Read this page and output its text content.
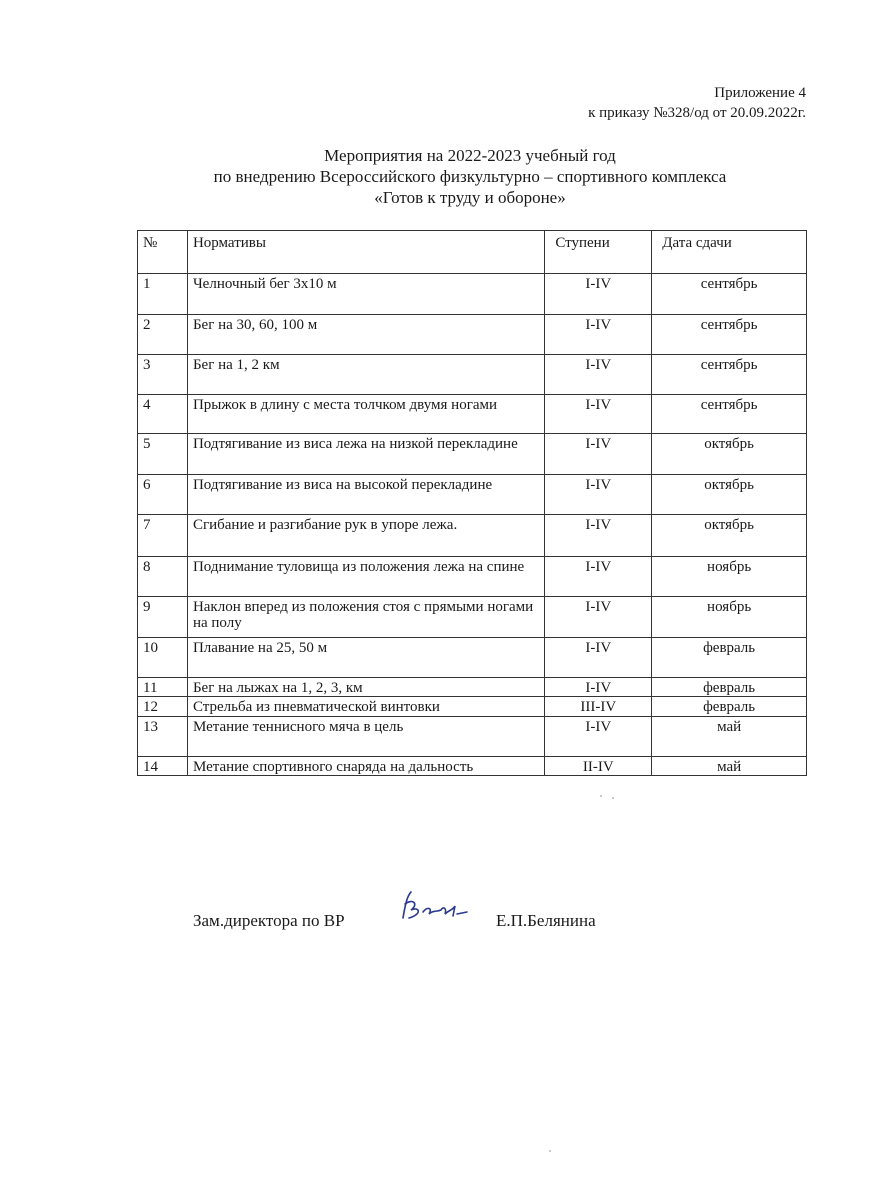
Приложение 4
к приказу №328/од от 20.09.2022г.
Мероприятия на 2022-2023 учебный год
по внедрению Всероссийского физкультурно – спортивного комплекса
«Готов к труду и обороне»
№	Нормативы	Ступени	Дата сдачи
1	Челночный бег 3х10 м	I-IV	сентябрь
2	Бег на 30, 60, 100 м	I-IV	сентябрь
3	Бег на 1, 2 км	I-IV	сентябрь
4	Прыжок в длину с места толчком двумя ногами	I-IV	сентябрь
5	Подтягивание из виса лежа на низкой перекладине	I-IV	октябрь
6	Подтягивание из виса на высокой перекладине	I-IV	октябрь
7	Сгибание и разгибание рук в упоре лежа.	I-IV	октябрь
8	Поднимание туловища из положения лежа на спине	I-IV	ноябрь
9	Наклон вперед из положения стоя с прямыми ногами на полу	I-IV	ноябрь
10	Плавание на 25, 50 м	I-IV	февраль
11	Бег на лыжах на 1, 2, 3, км	I-IV	февраль
12	Стрельба из пневматической винтовки	III-IV	февраль
13	Метание теннисного мяча в цель	I-IV	май
14	Метание спортивного снаряда на дальность	II-IV	май
Зам.директора по ВР	Е.П.Белянина
